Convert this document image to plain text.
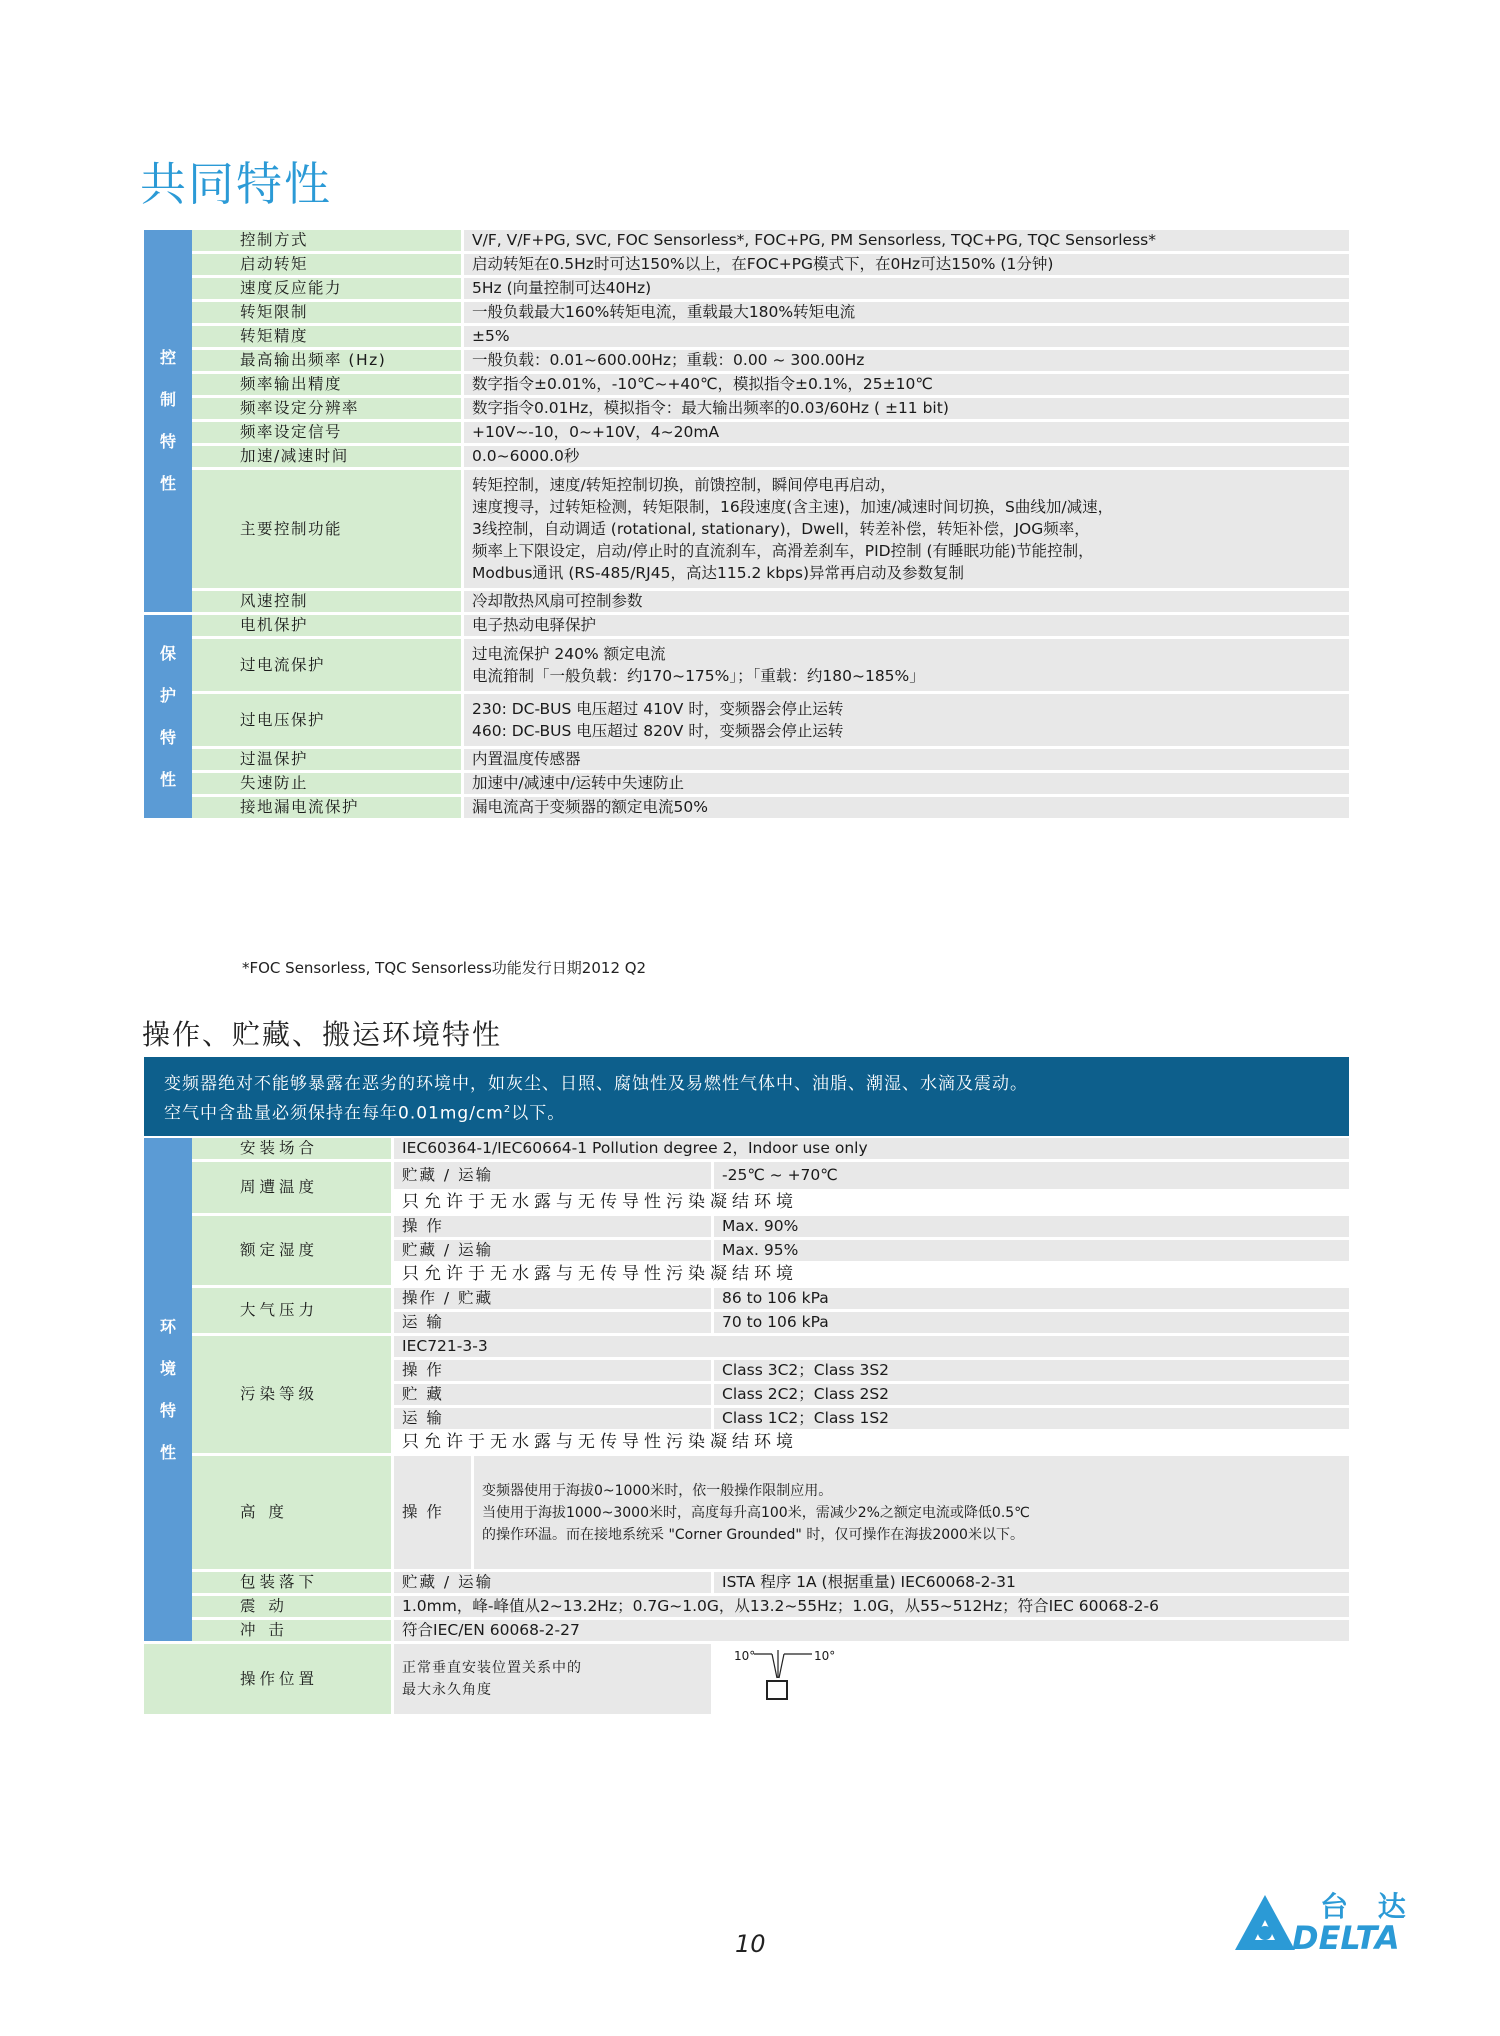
共同特性
控
制
特
性	控制方式	V/F, V/F+PG, SVC, FOC Sensorless*, FOC+PG, PM Sensorless, TQC+PG, TQC Sensorless*
	启动转矩	启动转矩在0.5Hz时可达150%以上，在FOC+PG模式下，在0Hz可达150% (1分钟)
	速度反应能力	5Hz (向量控制可达40Hz)
	转矩限制	一般负载最大160%转矩电流，重载最大180%转矩电流
	转矩精度	±5%
	最高输出频率 (Hz)	一般负载：0.01~600.00Hz；重载：0.00 ~ 300.00Hz
	频率输出精度	数字指令±0.01%，-10℃~+40℃，模拟指令±0.1%，25±10℃
	频率设定分辨率	数字指令0.01Hz，模拟指令：最大输出频率的0.03/60Hz ( ±11 bit)
	频率设定信号	+10V~-10，0~+10V，4~20mA
	加速/减速时间	0.0~6000.0秒
	主要控制功能	转矩控制，速度/转矩控制切换，前馈控制，瞬间停电再启动，
速度搜寻，过转矩检测，转矩限制，16段速度(含主速)，加速/减速时间切换，S曲线加/减速，
3线控制，自动调适 (rotational, stationary)，Dwell，转差补偿，转矩补偿，JOG频率，
频率上下限设定，启动/停止时的直流刹车，高滑差刹车，PID控制 (有睡眠功能)节能控制，
Modbus通讯 (RS-485/RJ45，高达115.2 kbps)异常再启动及参数复制
	风速控制	冷却散热风扇可控制参数

保
护
特
性	电机保护	电子热动电驿保护
	过电流保护	过电流保护 240% 额定电流
电流箝制「一般负载：约170~175%」；「重载：约180~185%」
	过电压保护	230: DC-BUS 电压超过 410V 时，变频器会停止运转
460: DC-BUS 电压超过 820V 时，变频器会停止运转
	过温保护	内置温度传感器
	失速防止	加速中/减速中/运转中失速防止
	接地漏电流保护	漏电流高于变频器的额定电流50%
*FOC Sensorless, TQC Sensorless功能发行日期2012 Q2
操作、贮藏、搬运环境特性
变频器绝对不能够暴露在恶劣的环境中，如灰尘、日照、腐蚀性及易燃性气体中、油脂、潮湿、水滴及震动。
空气中含盐量必须保持在每年$0.01mg/cm^2$以下。
环
境
特
性	安装场合	IEC60364-1/IEC60664-1 Pollution degree 2，Indoor use only		
	周遭温度	贮藏 / 运输		-25℃ ~ +70℃
		只允许于无水露与无传导性污染凝结环境		
	额定湿度	操 作		Max. 90%
		贮藏 / 运输		Max. 95%
		只允许于无水露与无传导性污染凝结环境		
	大气压力	操作 / 贮藏		86 to 106 kPa
		运 输		70 to 106 kPa
	污染等级	IEC721-3-3		
		操 作		Class 3C2；Class 3S2
		贮 藏		Class 2C2；Class 2S2
		运 输		Class 1C2；Class 1S2
		只允许于无水露与无传导性污染凝结环境		
	高 度	操 作	变频器使用于海拔0~1000米时，依一般操作限制应用。
当使用于海拔1000~3000米时，高度每升高100米，需减少2%之额定电流或降低0.5℃
的操作环温。而在接地系统采 "Corner Grounded" 时，仅可操作在海拔2000米以下。	
	包装落下	贮藏 / 运输		ISTA 程序 1A (根据重量) IEC60068-2-31
	震 动	1.0mm，峰-峰值从2~13.2Hz；0.7G~1.0G，从13.2~55Hz；1.0G，从55~512Hz；符合IEC 60068-2-6		
	冲 击	符合IEC/EN 60068-2-27		
	操作位置	正常垂直安装位置关系中的
最大永久角度		10° 10°
10
台 达
DELTA
